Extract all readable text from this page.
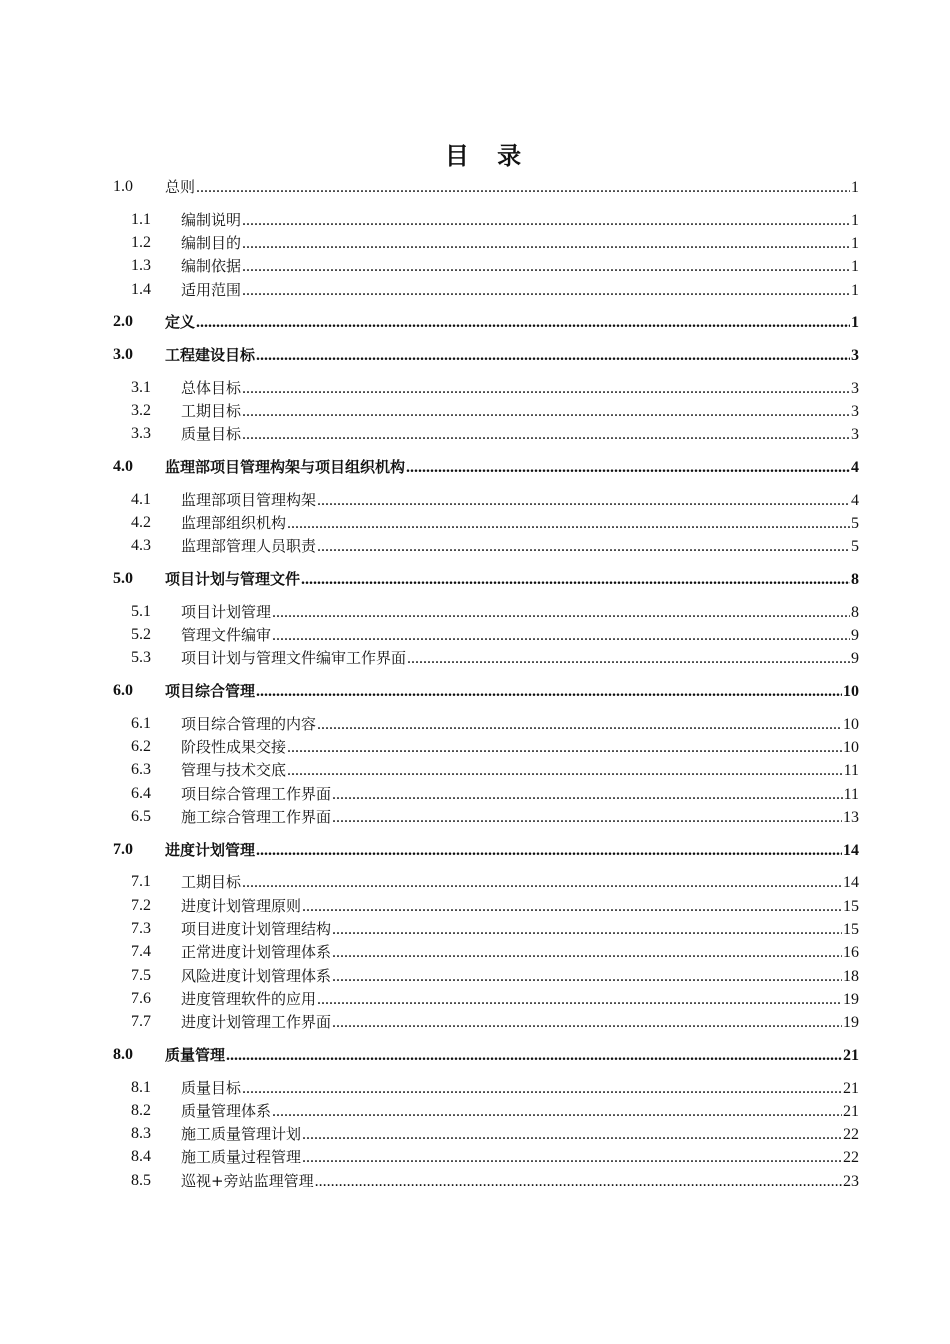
目 录
1.0 总则 .....	1
1.1 编制说明 .....	1
1.2 编制目的 .....	1
1.3 编制依据 .....	1
1.4 适用范围 .....	1
2.0 定义 .....	1
3.0 工程建设目标 .....	3
3.1 总体目标 .....	3
3.2 工期目标 .....	3
3.3 质量目标 .....	3
4.0 监理部项目管理构架与项目组织机构 .....	4
4.1 监理部项目管理构架 .....	4
4.2 监理部组织机构 .....	5
4.3 监理部管理人员职责 .....	5
5.0 项目计划与管理文件 .....	8
5.1 项目计划管理 .....	8
5.2 管理文件编审 .....	9
5.3 项目计划与管理文件编审工作界面 .....	9
6.0 项目综合管理 .....	10
6.1 项目综合管理的内容 .....	10
6.2 阶段性成果交接 .....	10
6.3 管理与技术交底 .....	11
6.4 项目综合管理工作界面 .....	11
6.5 施工综合管理工作界面 .....	13
7.0 进度计划管理 .....	14
7.1 工期目标 .....	14
7.2 进度计划管理原则 .....	15
7.3 项目进度计划管理结构 .....	15
7.4 正常进度计划管理体系 .....	16
7.5 风险进度计划管理体系 .....	18
7.6 进度管理软件的应用 .....	19
7.7 进度计划管理工作界面 .....	19
8.0 质量管理 .....	21
8.1 质量目标 .....	21
8.2 质量管理体系 .....	21
8.3 施工质量管理计划 .....	22
8.4 施工质量过程管理 .....	22
8.5 巡视+旁站监理管理 .....	23
